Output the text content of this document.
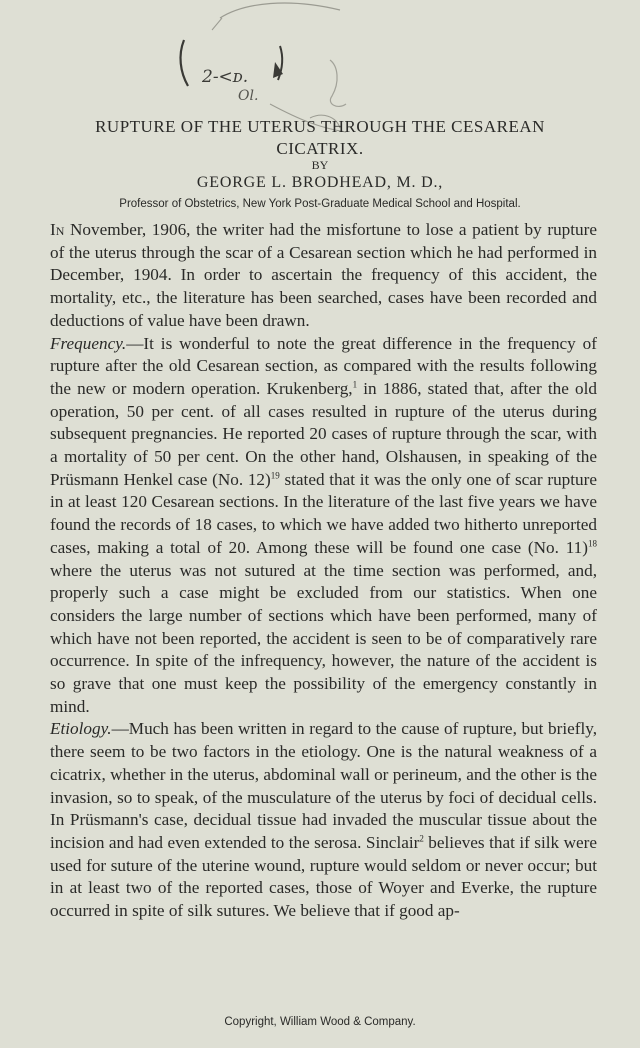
2-<ᴅ.
Ol.
RUPTURE OF THE UTERUS THROUGH THE CESAREAN
CICATRIX.
BY
GEORGE L. BRODHEAD, M. D.,
Professor of Obstetrics, New York Post-Graduate Medical School and Hospital.

In November, 1906, the writer had the misfortune to lose a patient by rupture of the uterus through the scar of a Cesarean section which he had performed in December, 1904. In order to ascertain the frequency of this accident, the mortality, etc., the literature has been searched, cases have been recorded and deductions of value have been drawn.

Frequency.—It is wonderful to note the great difference in the frequency of rupture after the old Cesarean section, as compared with the results following the new or modern operation. Krukenberg,$^1$ in 1886, stated that, after the old operation, 50 per cent. of all cases resulted in rupture of the uterus during subsequent pregnancies. He reported 20 cases of rupture through the scar, with a mortality of 50 per cent. On the other hand, Olshausen, in speaking of the Prüsmann Henkel case (No. 12)$^{19}$ stated that it was the only one of scar rupture in at least 120 Cesarean sections. In the literature of the last five years we have found the records of 18 cases, to which we have added two hitherto unreported cases, making a total of 20. Among these will be found one case (No. 11)$^{18}$ where the uterus was not sutured at the time section was performed, and, properly such a case might be excluded from our statistics. When one considers the large number of sections which have been performed, many of which have not been reported, the accident is seen to be of comparatively rare occurrence. In spite of the infrequency, however, the nature of the accident is so grave that one must keep the possibility of the emergency constantly in mind.

Etiology.—Much has been written in regard to the cause of rupture, but briefly, there seem to be two factors in the etiology. One is the natural weakness of a cicatrix, whether in the uterus, abdominal wall or perineum, and the other is the invasion, so to speak, of the musculature of the uterus by foci of decidual cells. In Prüsmann's case, decidual tissue had invaded the muscular tissue about the incision and had even extended to the serosa. Sinclair$^2$ believes that if silk were used for suture of the uterine wound, rupture would seldom or never occur; but in at least two of the reported cases, those of Woyer and Everke, the rupture occurred in spite of silk sutures. We believe that if good ap-

Copyright, William Wood & Company.
